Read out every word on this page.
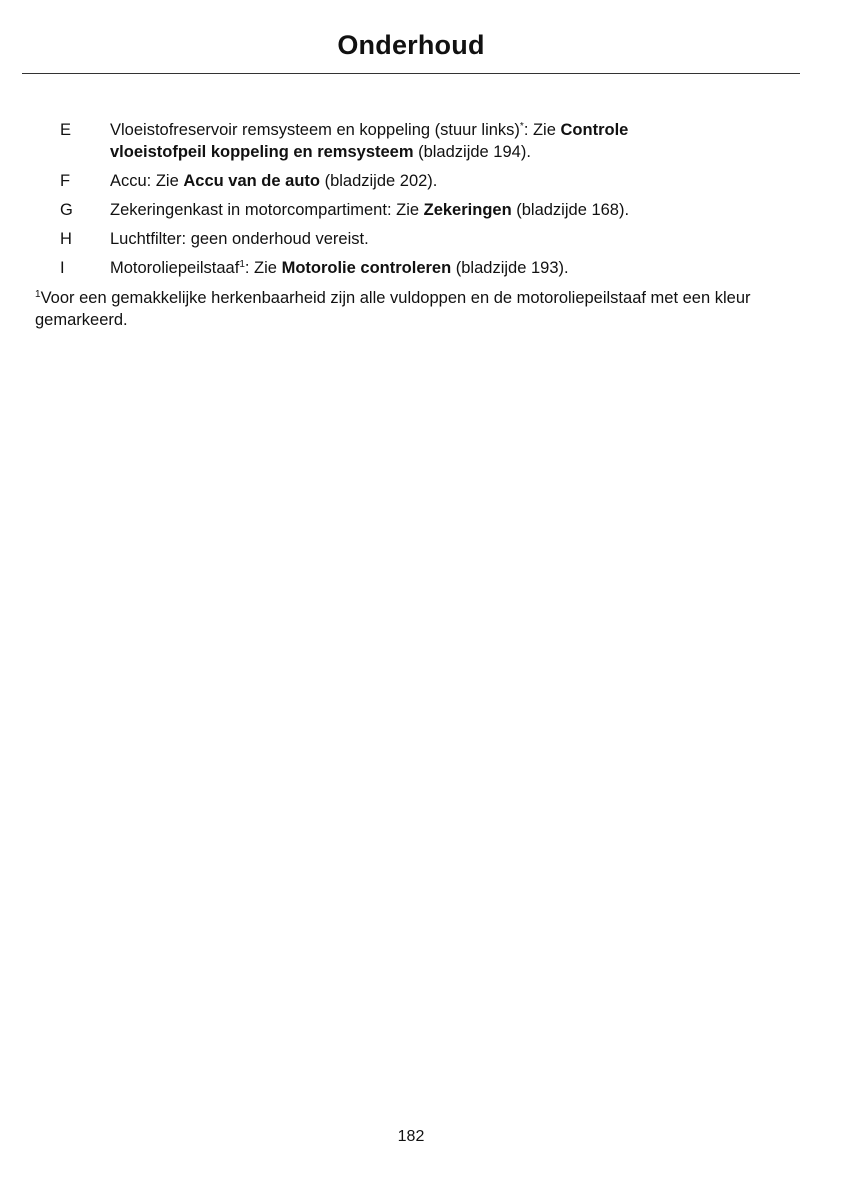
Onderhoud
E	Vloeistofreservoir remsysteem en koppeling (stuur links)*: Zie Controle
vloeistofpeil koppeling en remsysteem (bladzijde 194).
F	Accu: Zie Accu van de auto (bladzijde 202).
G	Zekeringenkast in motorcompartiment: Zie Zekeringen (bladzijde 168).
H	Luchtfilter: geen onderhoud vereist.
I	Motoroliepeilstaaf$^1$: Zie Motorolie controleren (bladzijde 193).
$^1$Voor een gemakkelijke herkenbaarheid zijn alle vuldoppen en de motoroliepeilstaaf met een kleur gemarkeerd.
182
